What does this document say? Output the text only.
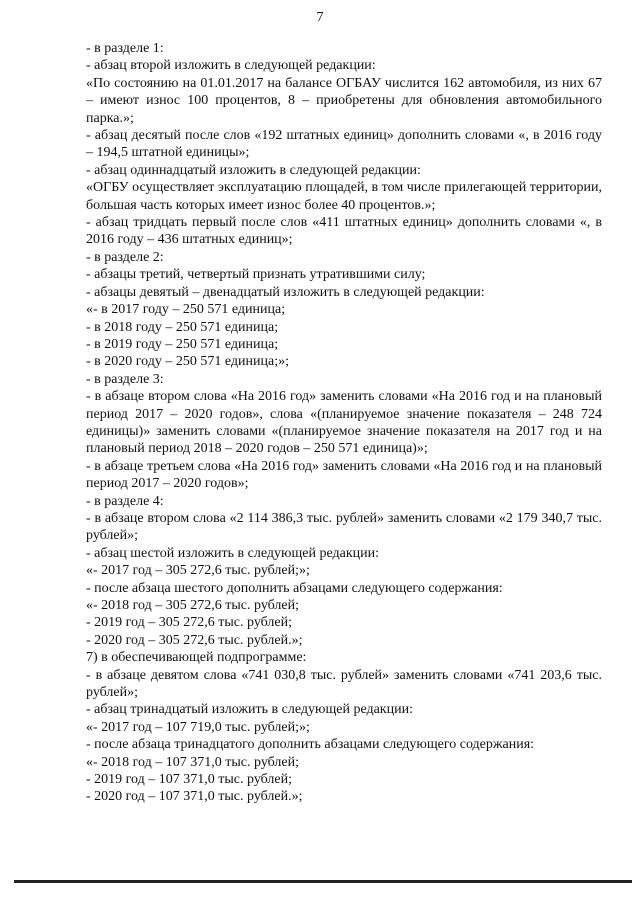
7
- в разделе 1:
- абзац второй изложить в следующей редакции:
«По состоянию на 01.01.2017 на балансе ОГБАУ числится 162 автомобиля, из них 67 – имеют износ 100 процентов, 8 – приобретены для обновления автомобильного парка.»;
- абзац десятый после слов «192 штатных единиц» дополнить словами «, в 2016 году – 194,5 штатной единицы»;
- абзац одиннадцатый изложить в следующей редакции:
«ОГБУ осуществляет эксплуатацию площадей, в том числе прилегающей территории, большая часть которых имеет износ более 40 процентов.»;
- абзац тридцать первый после слов «411 штатных единиц» дополнить словами «, в 2016 году – 436 штатных единиц»;
- в разделе 2:
- абзацы третий, четвертый признать утратившими силу;
- абзацы девятый – двенадцатый изложить в следующей редакции:
«- в 2017 году – 250 571 единица;
- в 2018 году – 250 571 единица;
- в 2019 году – 250 571 единица;
- в 2020 году – 250 571 единица;»;
- в разделе 3:
- в абзаце втором слова «На 2016 год» заменить словами «На 2016 год и на плановый период 2017 – 2020 годов», слова «(планируемое значение показателя – 248 724 единицы)» заменить словами «(планируемое значение показателя на 2017 год и на плановый период 2018 – 2020 годов – 250 571 единица)»;
- в абзаце третьем слова «На 2016 год» заменить словами «На 2016 год и на плановый период 2017 – 2020 годов»;
- в разделе 4:
- в абзаце втором слова «2 114 386,3 тыс. рублей» заменить словами «2 179 340,7 тыс. рублей»;
- абзац шестой изложить в следующей редакции:
«- 2017 год – 305 272,6 тыс. рублей;»;
- после абзаца шестого дополнить абзацами следующего содержания:
«- 2018 год – 305 272,6 тыс. рублей;
- 2019 год – 305 272,6 тыс. рублей;
- 2020 год – 305 272,6 тыс. рублей.»;
7) в обеспечивающей подпрограмме:
- в абзаце девятом слова «741 030,8 тыс. рублей» заменить словами «741 203,6 тыс. рублей»;
- абзац тринадцатый изложить в следующей редакции:
«- 2017 год – 107 719,0 тыс. рублей;»;
- после абзаца тринадцатого дополнить абзацами следующего содержания:
«- 2018 год – 107 371,0 тыс. рублей;
- 2019 год – 107 371,0 тыс. рублей;
- 2020 год – 107 371,0 тыс. рублей.»;
